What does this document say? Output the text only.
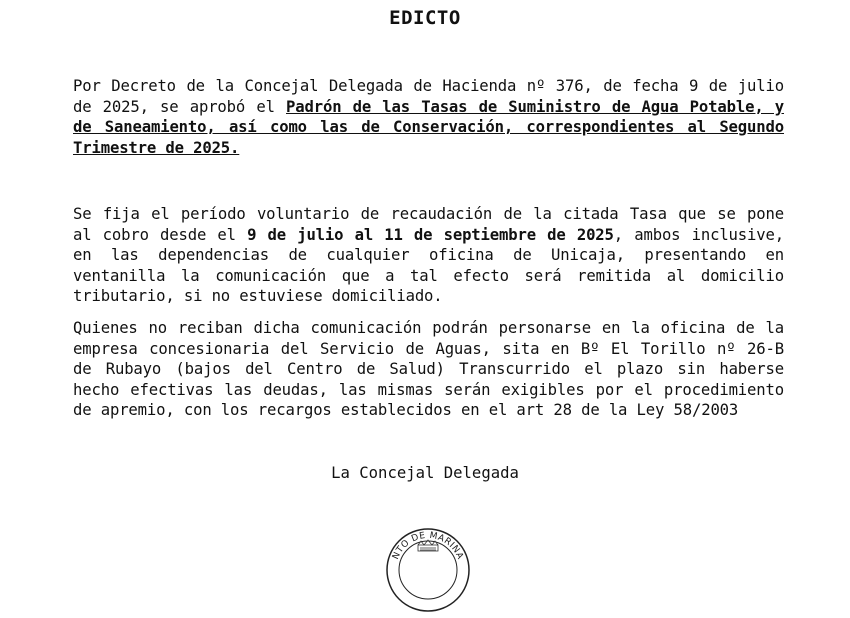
EDICTO
Por Decreto de la Concejal Delegada de Hacienda nº 376, de fecha 9 de julio de 2025, se aprobó el Padrón de las Tasas de Suministro de Agua Potable, y de Saneamiento, así como las de Conservación, correspondientes al Segundo Trimestre de 2025.
Se fija el período voluntario de recaudación de la citada Tasa que se pone al cobro desde el 9 de julio al 11 de septiembre de 2025, ambos inclusive, en las dependencias de cualquier oficina de Unicaja, presentando en ventanilla la comunicación que a tal efecto será remitida al domicilio tributario, si no estuviese domiciliado.
Quienes no reciban dicha comunicación podrán personarse en la oficina de la empresa concesionaria del Servicio de Aguas, sita en Bº El Torillo nº 26-B de Rubayo (bajos del Centro de Salud) Transcurrido el plazo sin haberse hecho efectivas las deudas, las mismas serán exigibles por el procedimiento de apremio, con los recargos establecidos en el art 28 de la Ley 58/2003
La Concejal Delegada
NTO DE MARINA
